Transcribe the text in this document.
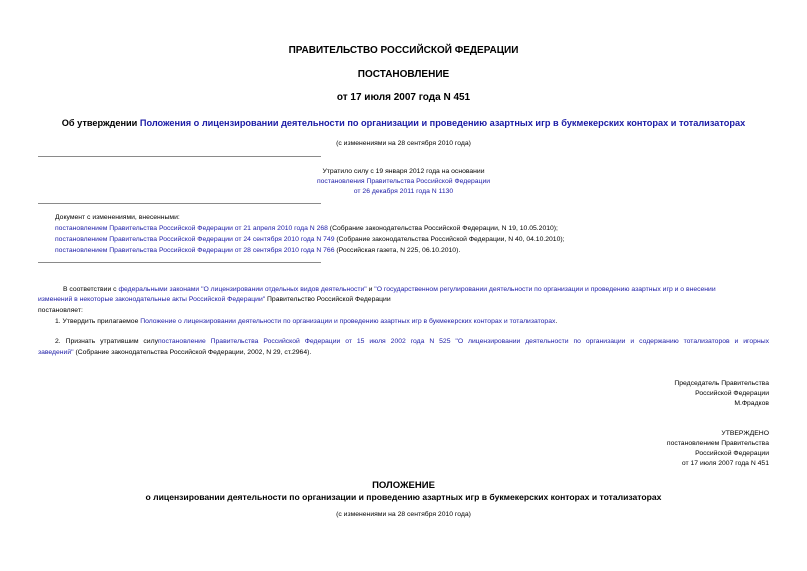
ПРАВИТЕЛЬСТВО РОССИЙСКОЙ ФЕДЕРАЦИИ
ПОСТАНОВЛЕНИЕ
от 17 июля 2007 года N 451
Об утверждении Положения о лицензировании деятельности по организации и проведению азартных игр в букмекерских конторах и тотализаторах
(с изменениями на 28 сентября 2010 года)
Утратило силу с 19 января 2012 года на основании
постановления Правительства Российской Федерации
от 26 декабря 2011 года N 1130
Документ с изменениями, внесенными:
постановлением Правительства Российской Федерации от 21 апреля 2010 года N 268 (Собрание законодательства Российской Федерации, N 19, 10.05.2010);
постановлением Правительства Российской Федерации от 24 сентября 2010 года N 749 (Собрание законодательства Российской Федерации, N 40, 04.10.2010);
постановлением Правительства Российской Федерации от 28 сентября 2010 года N 766 (Российская газета, N 225, 06.10.2010).
В соответствии с федеральными законами "О лицензировании отдельных видов деятельности" и "О государственном регулировании деятельности по организации и проведению азартных игр и о внесении
изменений в некоторые законодательные акты Российской Федерации" Правительство Российской Федерации
постановляет:
1. Утвердить прилагаемое Положение о лицензировании деятельности по организации и проведению азартных игр в букмекерских конторах и тотализаторах.
2. Признать утратившим силупостановление Правительства Российской Федерации от 15 июля 2002 года N 525 "О лицензировании деятельности по организации и содержанию тотализаторов и игорных
заведений" (Собрание законодательства Российской Федерации, 2002, N 29, ст.2964).
Председатель Правительства
Российской Федерации
М.Фрадков
УТВЕРЖДЕНО
постановлением Правительства
Российской Федерации
от 17 июля 2007 года N 451
ПОЛОЖЕНИЕ
о лицензировании деятельности по организации и проведению азартных игр в букмекерских конторах и тотализаторах
(с изменениями на 28 сентября 2010 года)
